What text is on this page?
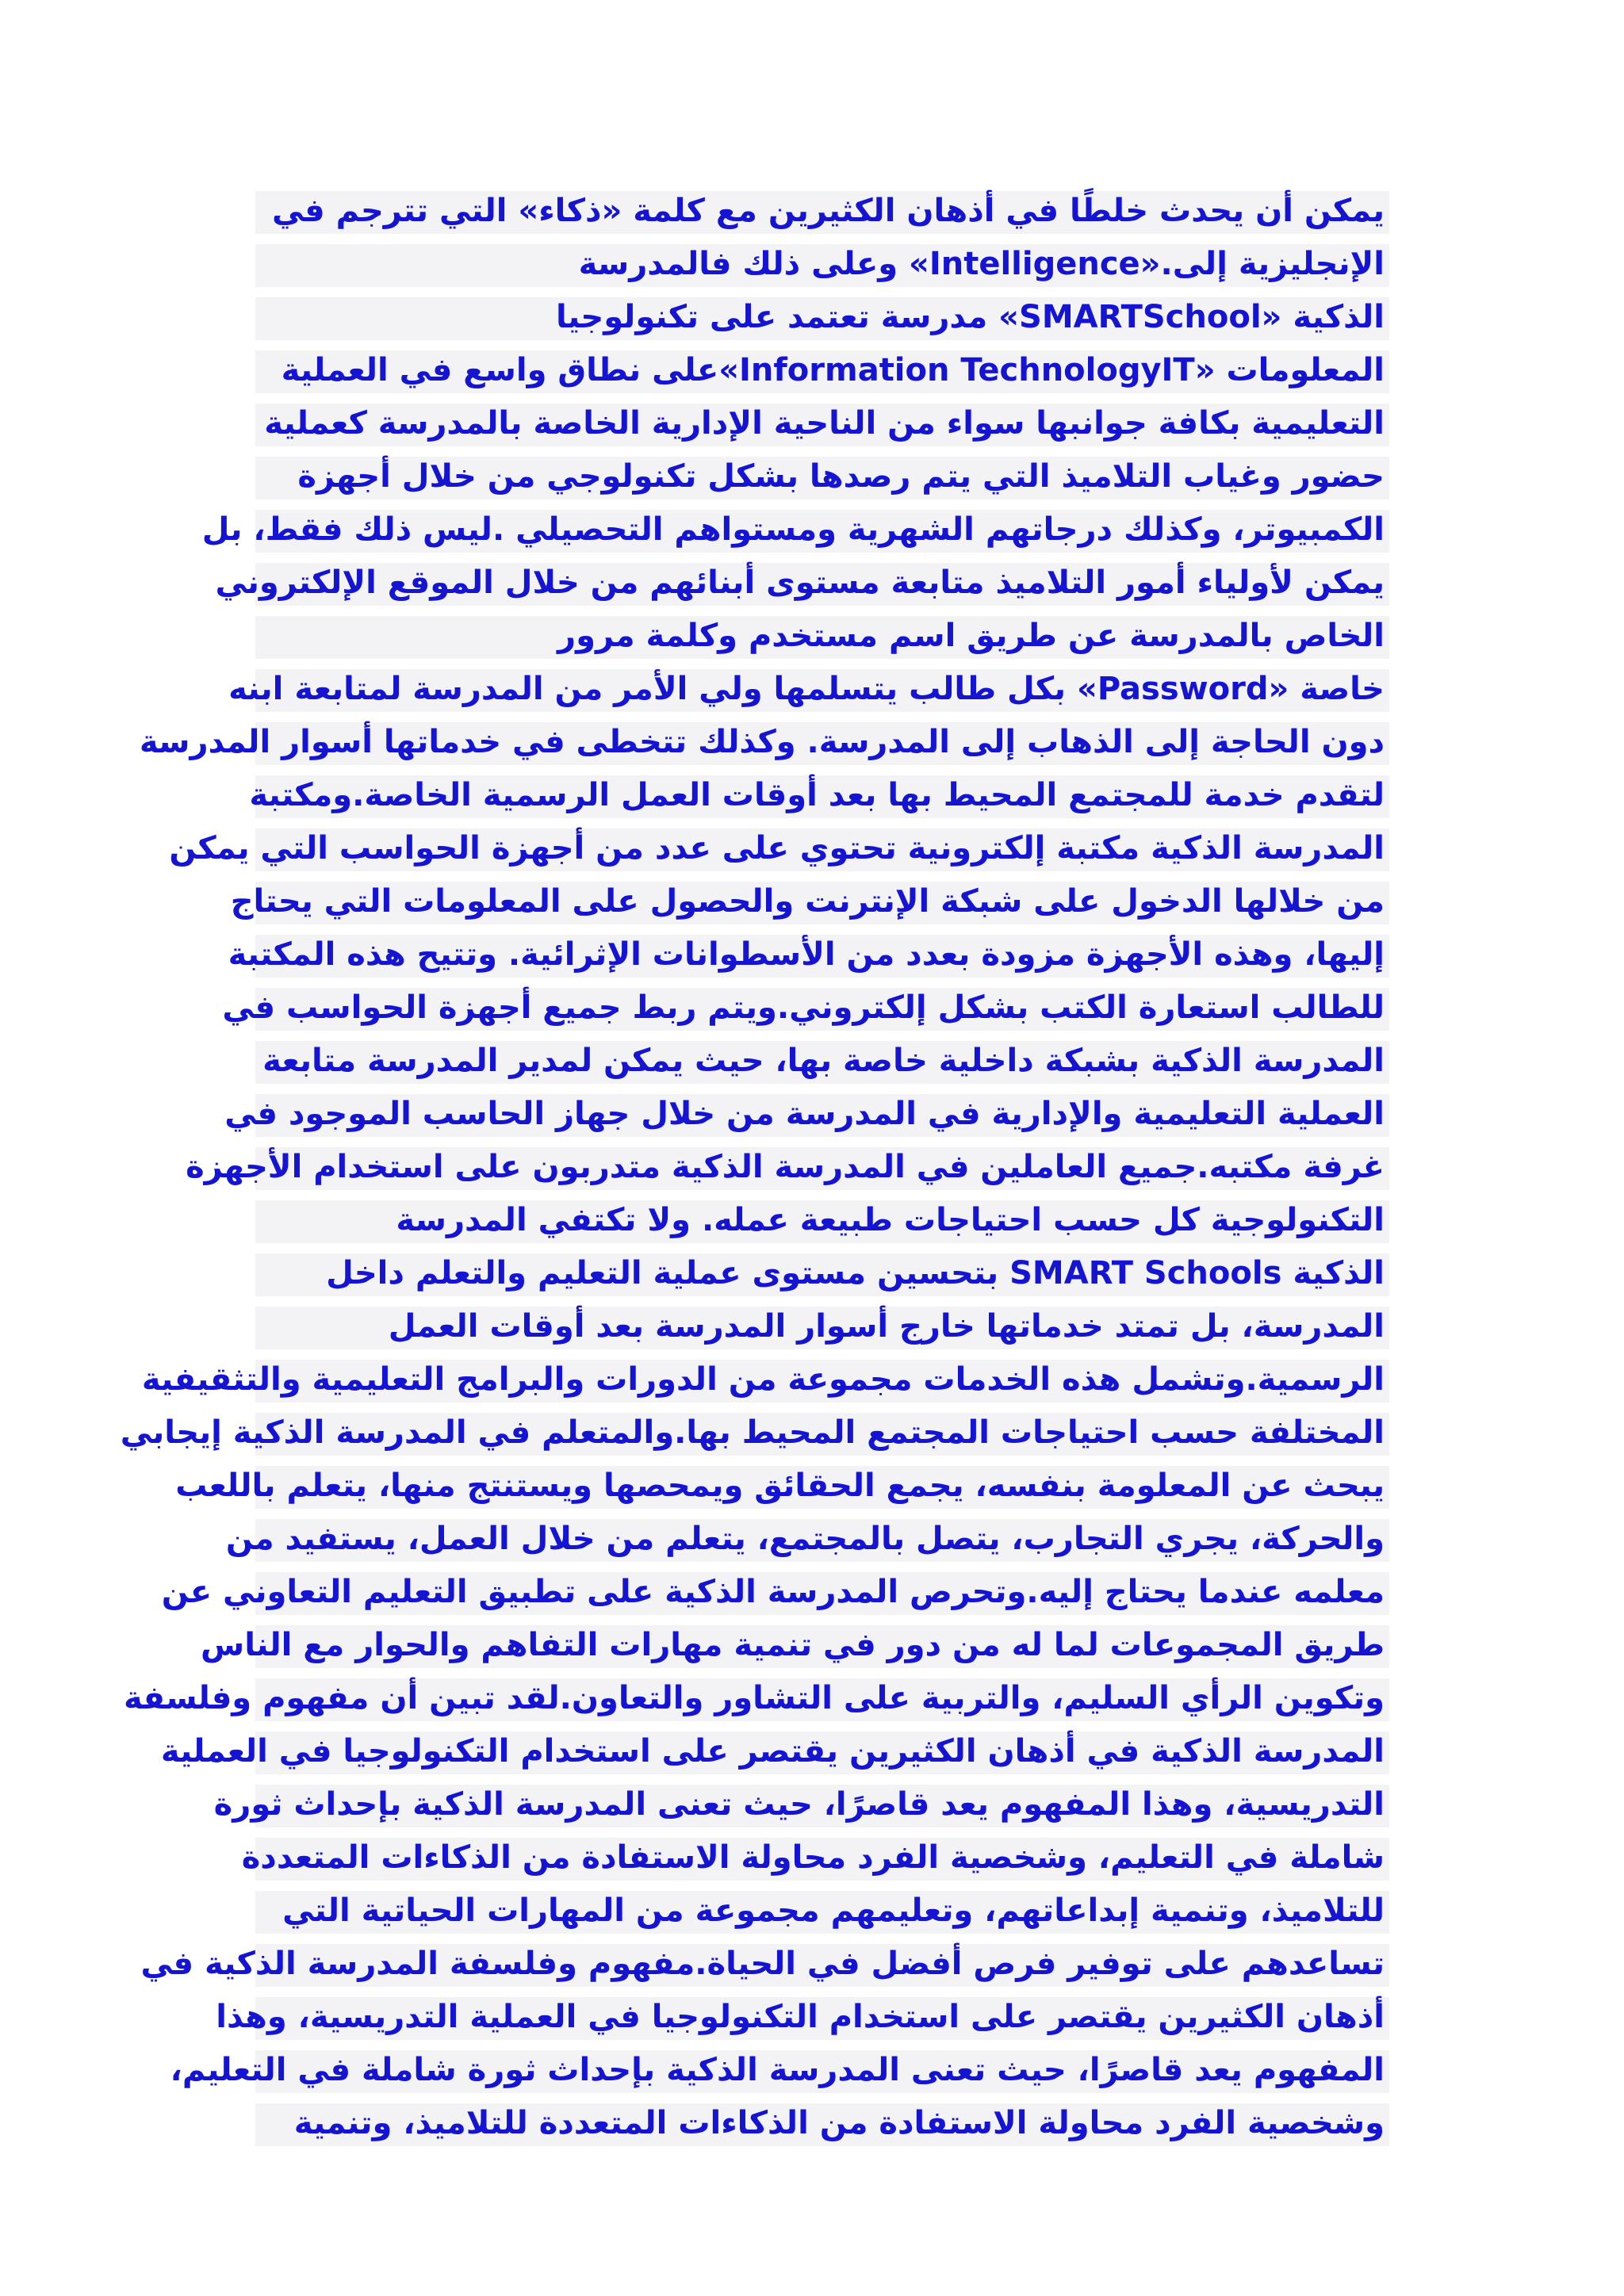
يمكن أن يحدث خلطًا في أذهان الكثيرين مع كلمة «ذكاء» التي تترجم في
الإنجليزية إلى.«Intelligence» وعلى ذلك فالمدرسة
الذكية «SMARTSchool» مدرسة تعتمد على تكنولوجيا
المعلومات «Information TechnologyIT»على نطاق واسع في العملية
التعليمية بكافة جوانبها سواء من الناحية الإدارية الخاصة بالمدرسة كعملية
حضور وغياب التلاميذ التي يتم رصدها بشكل تكنولوجي من خلال أجهزة
الكمبيوتر، وكذلك درجاتهم الشهرية ومستواهم التحصيلي .ليس ذلك فقط، بل
يمكن لأولياء أمور التلاميذ متابعة مستوى أبنائهم من خلال الموقع الإلكتروني
الخاص بالمدرسة عن طريق اسم مستخدم وكلمة مرور
خاصة «Password» بكل طالب يتسلمها ولي الأمر من المدرسة لمتابعة ابنه
دون الحاجة إلى الذهاب إلى المدرسة. وكذلك تتخطى في خدماتها أسوار المدرسة
لتقدم خدمة للمجتمع المحيط بها بعد أوقات العمل الرسمية الخاصة.ومكتبة
المدرسة الذكية مكتبة إلكترونية تحتوي على عدد من أجهزة الحواسب التي يمكن
من خلالها الدخول على شبكة الإنترنت والحصول على المعلومات التي يحتاج
إليها، وهذه الأجهزة مزودة بعدد من الأسطوانات الإثرائية. وتتيح هذه المكتبة
للطالب استعارة الكتب بشكل إلكتروني.ويتم ربط جميع أجهزة الحواسب في
المدرسة الذكية بشبكة داخلية خاصة بها، حيث يمكن لمدير المدرسة متابعة
العملية التعليمية والإدارية في المدرسة من خلال جهاز الحاسب الموجود في
غرفة مكتبه.جميع العاملين في المدرسة الذكية متدربون على استخدام الأجهزة
التكنولوجية كل حسب احتياجات طبيعة عمله. ولا تكتفي المدرسة
الذكية SMART Schools بتحسين مستوى عملية التعليم والتعلم داخل
المدرسة، بل تمتد خدماتها خارج أسوار المدرسة بعد أوقات العمل
الرسمية.وتشمل هذه الخدمات مجموعة من الدورات والبرامج التعليمية والتثقيفية
المختلفة حسب احتياجات المجتمع المحيط بها.والمتعلم في المدرسة الذكية إيجابي
يبحث عن المعلومة بنفسه، يجمع الحقائق ويمحصها ويستنتج منها، يتعلم باللعب
والحركة، يجري التجارب، يتصل بالمجتمع، يتعلم من خلال العمل، يستفيد من
معلمه عندما يحتاج إليه.وتحرص المدرسة الذكية على تطبيق التعليم التعاوني عن
طريق المجموعات لما له من دور في تنمية مهارات التفاهم والحوار مع الناس
وتكوين الرأي السليم، والتربية على التشاور والتعاون.لقد تبين أن مفهوم وفلسفة
المدرسة الذكية في أذهان الكثيرين يقتصر على استخدام التكنولوجيا في العملية
التدريسية، وهذا المفهوم يعد قاصرًا، حيث تعنى المدرسة الذكية بإحداث ثورة
شاملة في التعليم، وشخصية الفرد محاولة الاستفادة من الذكاءات المتعددة
للتلاميذ، وتنمية إبداعاتهم، وتعليمهم مجموعة من المهارات الحياتية التي
تساعدهم على توفير فرص أفضل في الحياة.مفهوم وفلسفة المدرسة الذكية في
أذهان الكثيرين يقتصر على استخدام التكنولوجيا في العملية التدريسية، وهذا
المفهوم يعد قاصرًا، حيث تعنى المدرسة الذكية بإحداث ثورة شاملة في التعليم،
وشخصية الفرد محاولة الاستفادة من الذكاءات المتعددة للتلاميذ، وتنمية
